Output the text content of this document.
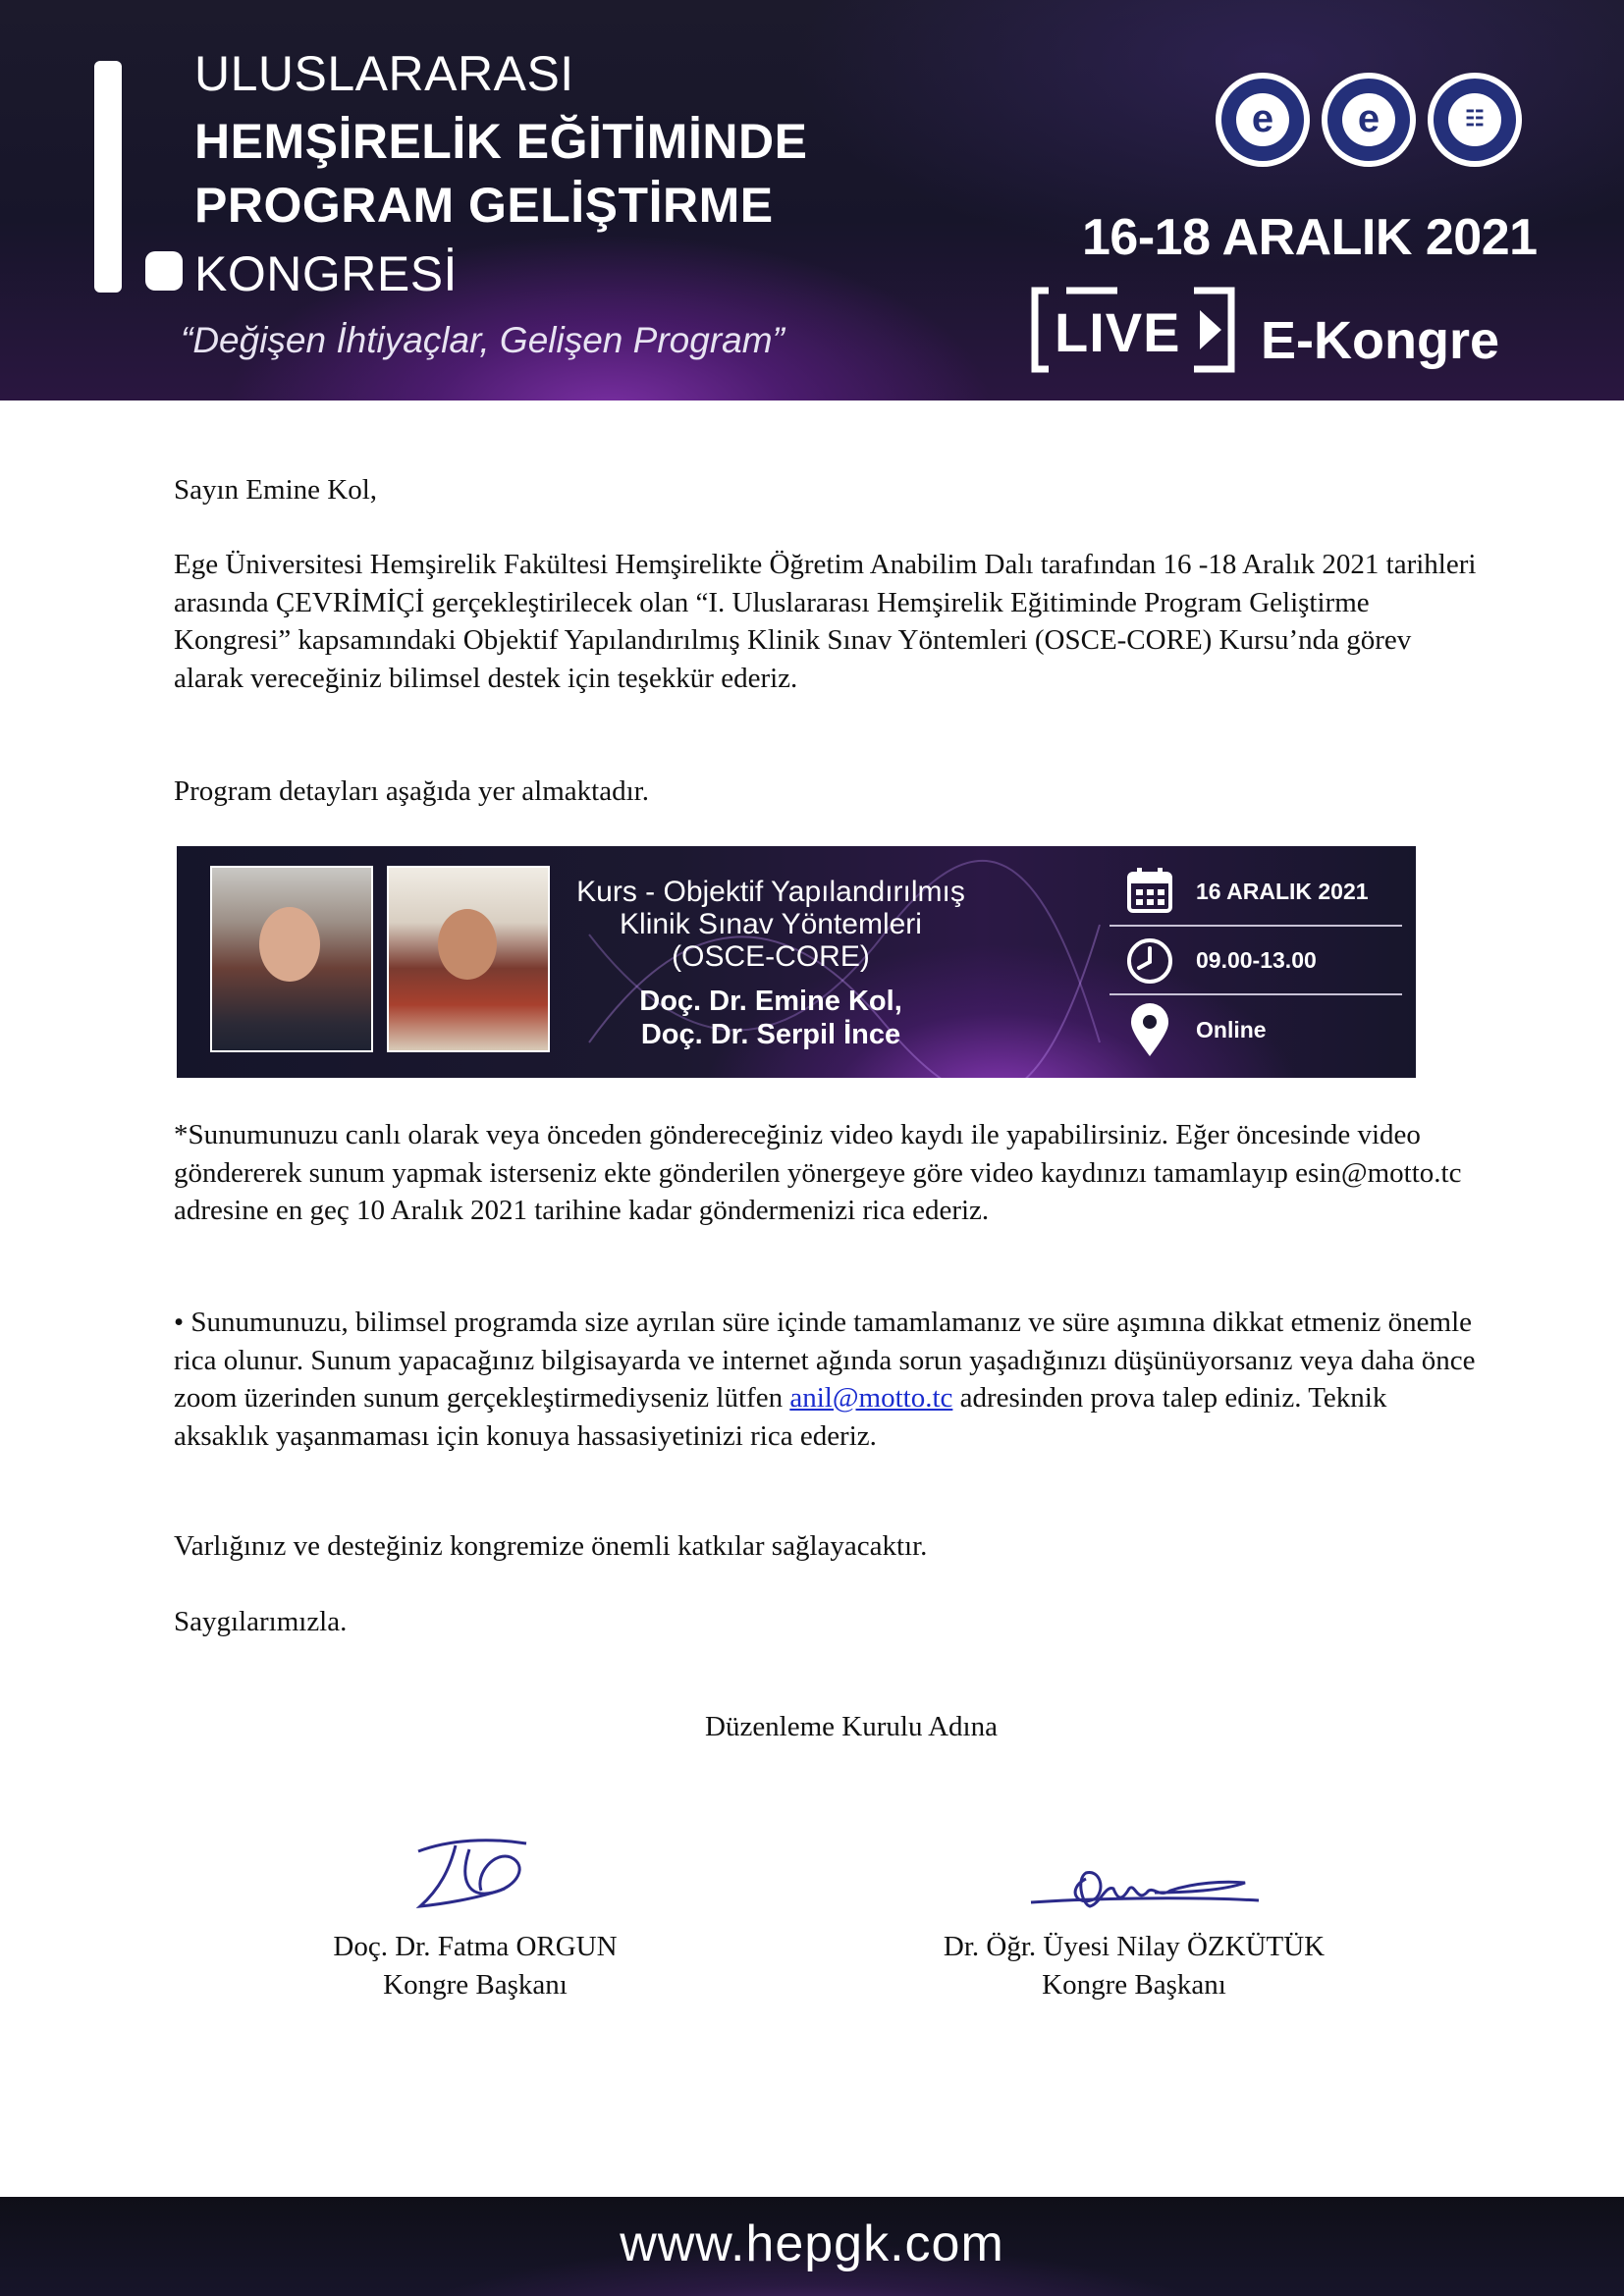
ULUSLARARASI
HEMŞİRELİK EĞİTİMİNDE
PROGRAM GELİŞTİRME
KONGRESİ
“Değişen İhtiyaçlar, Gelişen Program”
e	e	☷
16-18 ARALIK 2021
LIVE E-Kongre

Sayın Emine Kol,

Ege Üniversitesi Hemşirelik Fakültesi Hemşirelikte Öğretim Anabilim Dalı tarafından 16 -18 Aralık 2021 tarihleri arasında ÇEVRİMİÇİ gerçekleştirilecek olan “I. Uluslararası Hemşirelik Eğitiminde Program Geliştirme Kongresi” kapsamındaki Objektif Yapılandırılmış Klinik Sınav Yöntemleri (OSCE-CORE) Kursu’nda görev alarak vereceğiniz bilimsel destek için teşekkür ederiz.

Program detayları aşağıda yer almaktadır.

Kurs - Objektif Yapılandırılmış
Klinik Sınav Yöntemleri
(OSCE-CORE)
Doç. Dr. Emine Kol,
Doç. Dr. Serpil İnce
16 ARALIK 2021
09.00-13.00
Online

*Sunumunuzu canlı olarak veya önceden göndereceğiniz video kaydı ile yapabilirsiniz. Eğer öncesinde video göndererek sunum yapmak isterseniz ekte gönderilen yönergeye göre video kaydınızı tamamlayıp esin@motto.tc adresine en geç 10 Aralık 2021 tarihine kadar göndermenizi rica ederiz.

• Sunumunuzu, bilimsel programda size ayrılan süre içinde tamamlamanız ve süre aşımına dikkat etmeniz önemle rica olunur. Sunum yapacağınız bilgisayarda ve internet ağında sorun yaşadığınızı düşünüyorsanız veya daha önce zoom üzerinden sunum gerçekleştirmediyseniz lütfen anil@motto.tc adresinden prova talep ediniz. Teknik aksaklık yaşanmaması için konuya hassasiyetinizi rica ederiz.

Varlığınız ve desteğiniz kongremize önemli katkılar sağlayacaktır.

Saygılarımızla.

Düzenleme Kurulu Adına
Doç. Dr. Fatma ORGUN
Kongre Başkanı
Dr. Öğr. Üyesi Nilay ÖZKÜTÜK
Kongre Başkanı
www.hepgk.com
